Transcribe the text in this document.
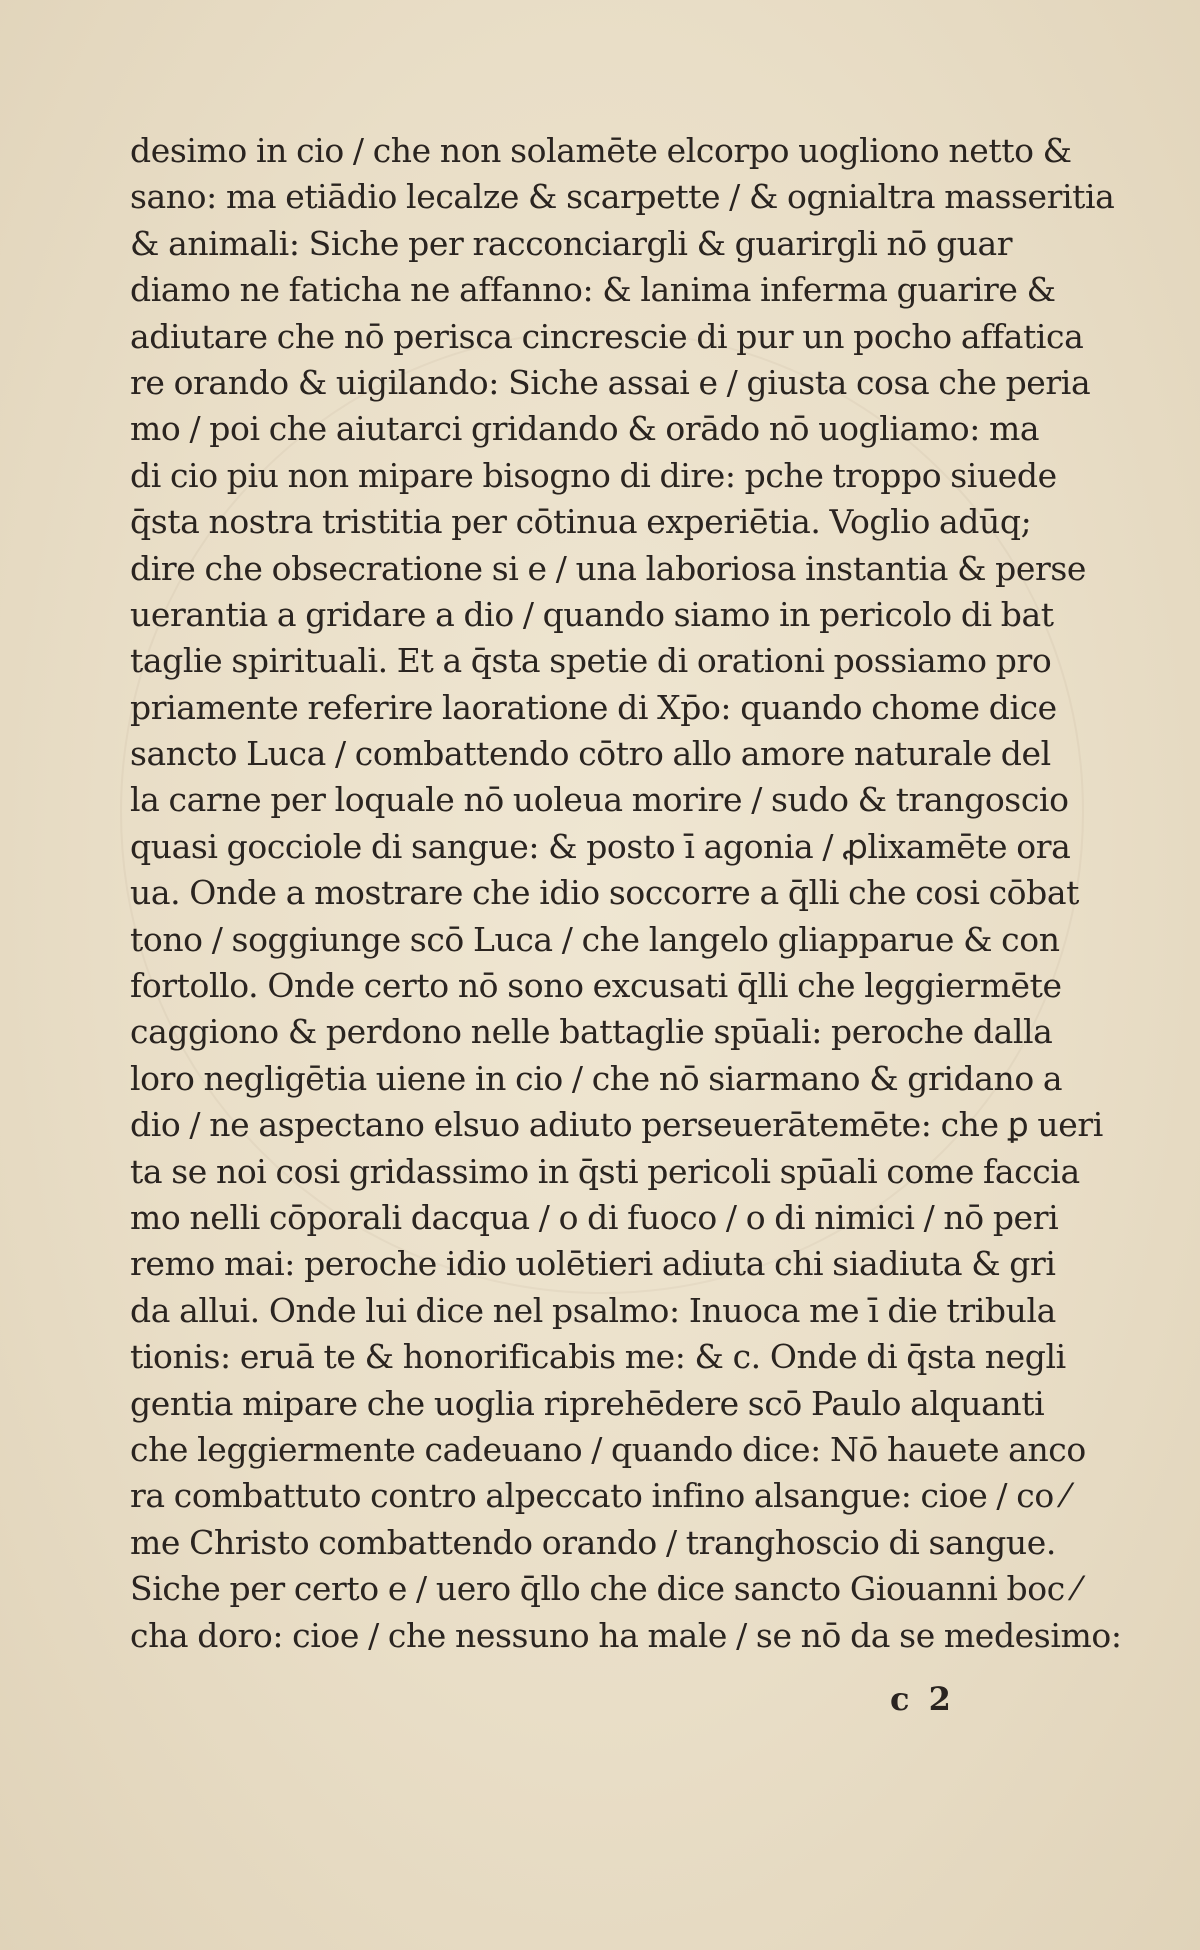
desimo in cio / che non solamēte elcorpo uogliono netto &
sano: ma etiādio lecalze & scarpette / & ognialtra masseritia
& animali: Siche per racconciargli & guarirgli nō guar
diamo ne faticha ne affanno: & lanima inferma guarire &
adiutare che nō perisca cincrescie di pur un pocho affatica
re orando & uigilando: Siche assai e / giusta cosa che peria
mo / poi che aiutarci gridando & orādo nō uogliamo: ma
di cio piu non mipare bisogno di dire: pche troppo siuede
q̄sta nostra tristitia per cōtinua experiētia. Voglio adūq;
dire che obsecratione si e / una laboriosa instantia & perse
uerantia a gridare a dio / quando siamo in pericolo di bat
taglie spirituali. Et a q̄sta spetie di orationi possiamo pro
priamente referire laoratione di Xp̄o: quando chome dice
sancto Luca / combattendo cōtro allo amore naturale del
la carne per loquale nō uoleua morire / sudo & trangoscio
quasi gocciole di sangue: & posto ī agonia / ꝓlixamēte ora
ua. Onde a mostrare che idio soccorre a q̄lli che cosi cōbat
tono / soggiunge scō Luca / che langelo gliapparue & con
fortollo. Onde certo nō sono excusati q̄lli che leggiermēte
caggiono & perdono nelle battaglie spūali: peroche dalla
loro negligētia uiene in cio / che nō siarmano & gridano a
dio / ne aspectano elsuo adiuto perseuerātemēte: che ꝑ ueri
ta se noi cosi gridassimo in q̄sti pericoli spūali come faccia
mo nelli cōporali dacqua / o di fuoco / o di nimici / nō peri
remo mai: peroche idio uolētieri adiuta chi siadiuta & gri
da allui. Onde lui dice nel psalmo: Inuoca me ī die tribula
tionis: eruā te & honorificabis me: & c. Onde di q̄sta negli
gentia mipare che uoglia riprehēdere scō Paulo alquanti
che leggiermente cadeuano / quando dice: Nō hauete anco
ra combattuto contro alpeccato infino alsangue: cioe / co ⁄
me Christo combattendo orando / tranghoscio di sangue.
Siche per certo e / uero q̄llo che dice sancto Giouanni boc ⁄
cha doro: cioe / che nessuno ha male / se nō da se medesimo:
c 2
